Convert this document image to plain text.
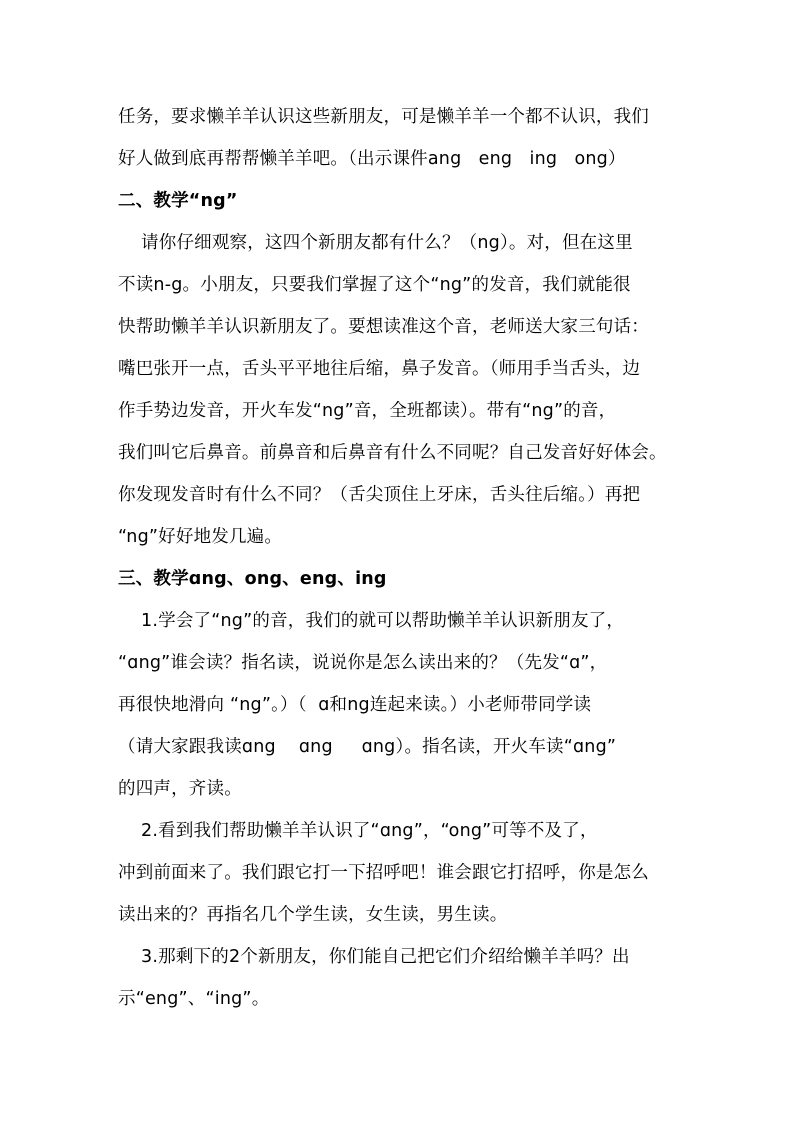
任务，要求懒羊羊认识这些新朋友，可是懒羊羊一个都不认识，我们
好人做到底再帮帮懒羊羊吧。（出示课件ang   eng   ing   ong）
二、教学“ng”
请你仔细观察，这四个新朋友都有什么？（ng）。对，但在这里
不读n-g。小朋友，只要我们掌握了这个“ng”的发音，我们就能很
快帮助懒羊羊认识新朋友了。要想读准这个音，老师送大家三句话：
嘴巴张开一点，舌头平平地往后缩，鼻子发音。（师用手当舌头，边
作手势边发音，开火车发“ng”音，全班都读）。带有“ng”的音，
我们叫它后鼻音。前鼻音和后鼻音有什么不同呢？自己发音好好体会。
你发现发音时有什么不同？（舌尖顶住上牙床，舌头往后缩。）再把
“ng”好好地发几遍。
三、教学ɑng、ong、eng、ing
1.学会了“ng”的音，我们的就可以帮助懒羊羊认识新朋友了，
“ɑng”谁会读？指名读，说说你是怎么读出来的？（先发“ɑ”，
再很快地滑向 “ng”。）（  ɑ和ng连起来读。）小老师带同学读
（请大家跟我读ɑng    ɑng     ɑng）。指名读，开火车读“ɑng”
的四声，齐读。
2.看到我们帮助懒羊羊认识了“ɑng”，“ong”可等不及了，
冲到前面来了。我们跟它打一下招呼吧！谁会跟它打招呼，你是怎么
读出来的？再指名几个学生读，女生读，男生读。
3.那剩下的2个新朋友，你们能自己把它们介绍给懒羊羊吗？出
示“eng”、“ing”。
